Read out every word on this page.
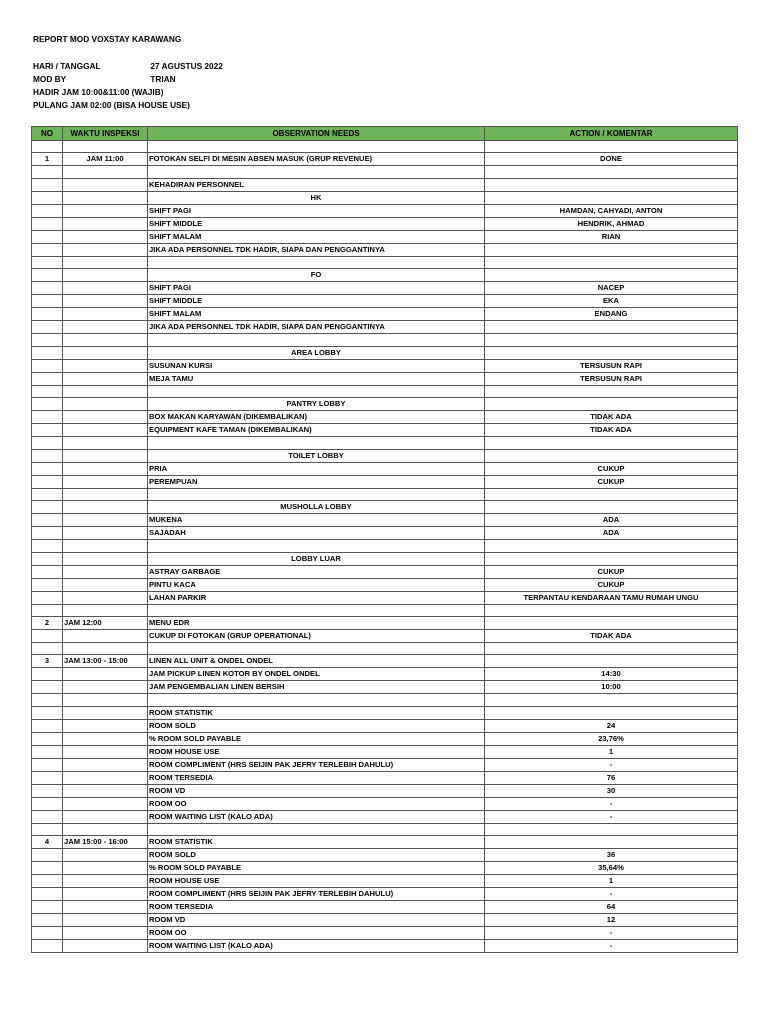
REPORT MOD VOXSTAY KARAWANG
HARI / TANGGAL	27 AGUSTUS 2022
MOD BY	TRIAN
HADIR JAM 10:00&11:00 (WAJIB)
PULANG JAM 02:00 (BISA HOUSE USE)
NO	WAKTU INSPEKSI	OBSERVATION NEEDS	ACTION / KOMENTAR

1	JAM 11:00	FOTOKAN SELFI DI MESIN ABSEN MASUK (GRUP REVENUE)	DONE

		KEHADIRAN PERSONNEL	
		HK	
		SHIFT PAGI	HAMDAN, CAHYADI, ANTON
		SHIFT MIDDLE	HENDRIK, AHMAD
		SHIFT MALAM	RIAN
		JIKA ADA PERSONNEL TDK HADIR, SIAPA DAN PENGGANTINYA	

		FO	
		SHIFT PAGI	NACEP
		SHIFT MIDDLE	EKA
		SHIFT MALAM	ENDANG
		JIKA ADA PERSONNEL TDK HADIR, SIAPA DAN PENGGANTINYA	

		AREA LOBBY	
		SUSUNAN KURSI	TERSUSUN RAPI
		MEJA TAMU	TERSUSUN RAPI

		PANTRY LOBBY	
		BOX MAKAN KARYAWAN (DIKEMBALIKAN)	TIDAK ADA
		EQUIPMENT KAFE TAMAN (DIKEMBALIKAN)	TIDAK ADA

		TOILET LOBBY	
		PRIA	CUKUP
		PEREMPUAN	CUKUP

		MUSHOLLA LOBBY	
		MUKENA	ADA
		SAJADAH	ADA

		LOBBY LUAR	
		ASTRAY GARBAGE	CUKUP
		PINTU KACA	CUKUP
		LAHAN PARKIR	TERPANTAU KENDARAAN TAMU RUMAH UNGU

2	JAM 12:00	MENU EDR	
		CUKUP DI FOTOKAN (GRUP OPERATIONAL)	TIDAK ADA

3	JAM 13:00 - 15:00	LINEN ALL UNIT & ONDEL ONDEL	
		JAM PICKUP LINEN KOTOR BY ONDEL ONDEL	14:30
		JAM PENGEMBALIAN LINEN BERSIH	10:00

		ROOM STATISTIK	
		ROOM SOLD	24
		% ROOM SOLD PAYABLE	23,76%
		ROOM HOUSE USE	1
		ROOM COMPLIMENT (HRS SEIJIN PAK JEFRY TERLEBIH DAHULU)	-
		ROOM TERSEDIA	76
		ROOM VD	30
		ROOM OO	-
		ROOM WAITING LIST (KALO ADA)	-

4	JAM 15:00 - 16:00	ROOM STATISTIK	
		ROOM SOLD	36
		% ROOM SOLD PAYABLE	35,64%
		ROOM HOUSE USE	1
		ROOM COMPLIMENT (HRS SEIJIN PAK JEFRY TERLEBIH DAHULU)	-
		ROOM TERSEDIA	64
		ROOM VD	12
		ROOM OO	-
		ROOM WAITING LIST (KALO ADA)	-
